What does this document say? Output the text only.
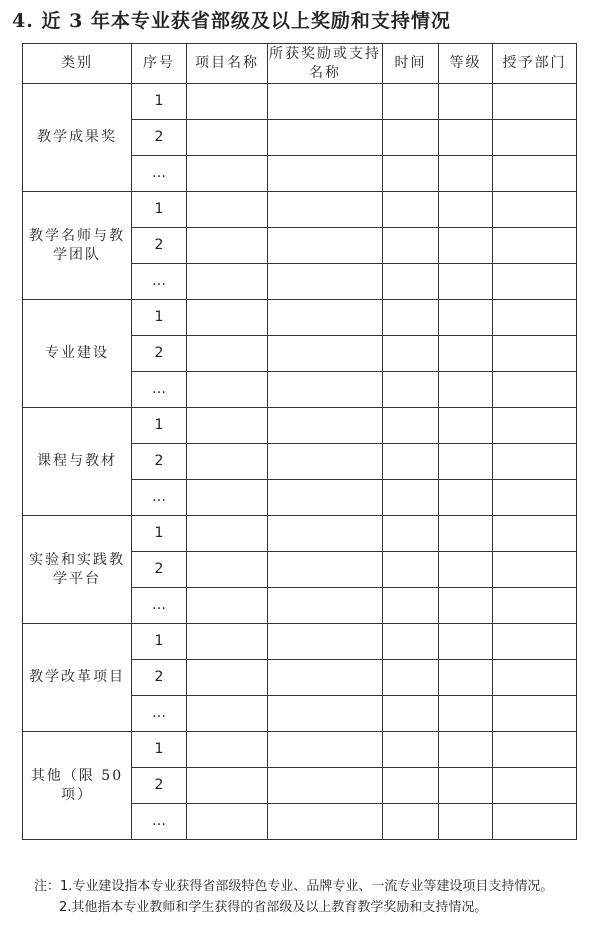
4. 近 3 年本专业获省部级及以上奖励和支持情况
类别	序号	项目名称	所获奖励或支持名称	时间	等级	授予部门
教学成果奖	1					
	2					
	…					
教学名师与教学团队	1					
	2					
	…					
专业建设	1					
	2					
	…					
课程与教材	1					
	2					
	…					
实验和实践教学平台	1					
	2					
	…					
教学改革项目	1					
	2					
	…					
其他（限 50 项）	1					
	2					
	…					
注：1.专业建设指本专业获得省部级特色专业、品牌专业、一流专业等建设项目支持情况。
2.其他指本专业教师和学生获得的省部级及以上教育教学奖励和支持情况。
